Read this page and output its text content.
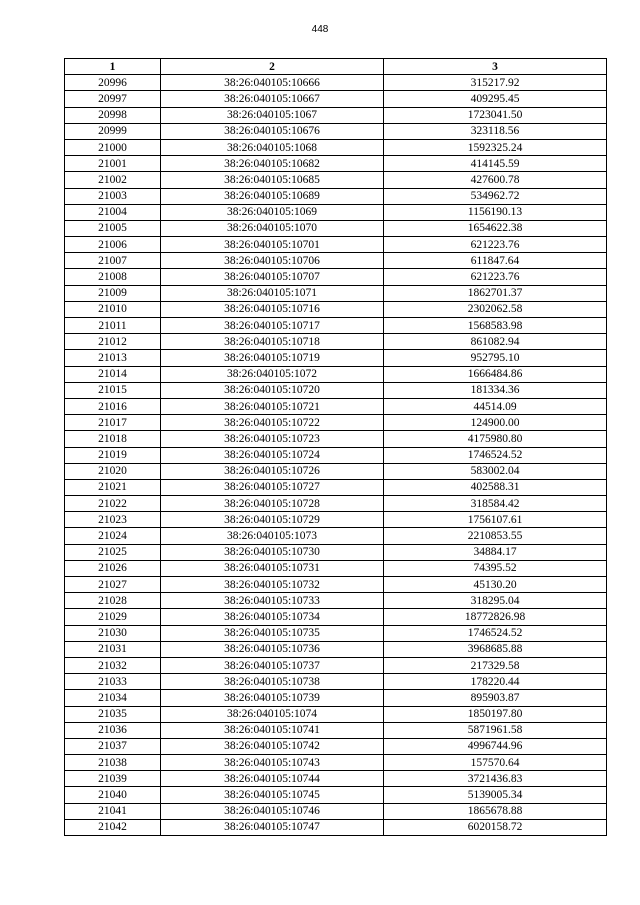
448
1	2	3
20996	38:26:040105:10666	315217.92
20997	38:26:040105:10667	409295.45
20998	38:26:040105:1067	1723041.50
20999	38:26:040105:10676	323118.56
21000	38:26:040105:1068	1592325.24
21001	38:26:040105:10682	414145.59
21002	38:26:040105:10685	427600.78
21003	38:26:040105:10689	534962.72
21004	38:26:040105:1069	1156190.13
21005	38:26:040105:1070	1654622.38
21006	38:26:040105:10701	621223.76
21007	38:26:040105:10706	611847.64
21008	38:26:040105:10707	621223.76
21009	38:26:040105:1071	1862701.37
21010	38:26:040105:10716	2302062.58
21011	38:26:040105:10717	1568583.98
21012	38:26:040105:10718	861082.94
21013	38:26:040105:10719	952795.10
21014	38:26:040105:1072	1666484.86
21015	38:26:040105:10720	181334.36
21016	38:26:040105:10721	44514.09
21017	38:26:040105:10722	124900.00
21018	38:26:040105:10723	4175980.80
21019	38:26:040105:10724	1746524.52
21020	38:26:040105:10726	583002.04
21021	38:26:040105:10727	402588.31
21022	38:26:040105:10728	318584.42
21023	38:26:040105:10729	1756107.61
21024	38:26:040105:1073	2210853.55
21025	38:26:040105:10730	34884.17
21026	38:26:040105:10731	74395.52
21027	38:26:040105:10732	45130.20
21028	38:26:040105:10733	318295.04
21029	38:26:040105:10734	18772826.98
21030	38:26:040105:10735	1746524.52
21031	38:26:040105:10736	3968685.88
21032	38:26:040105:10737	217329.58
21033	38:26:040105:10738	178220.44
21034	38:26:040105:10739	895903.87
21035	38:26:040105:1074	1850197.80
21036	38:26:040105:10741	5871961.58
21037	38:26:040105:10742	4996744.96
21038	38:26:040105:10743	157570.64
21039	38:26:040105:10744	3721436.83
21040	38:26:040105:10745	5139005.34
21041	38:26:040105:10746	1865678.88
21042	38:26:040105:10747	6020158.72
